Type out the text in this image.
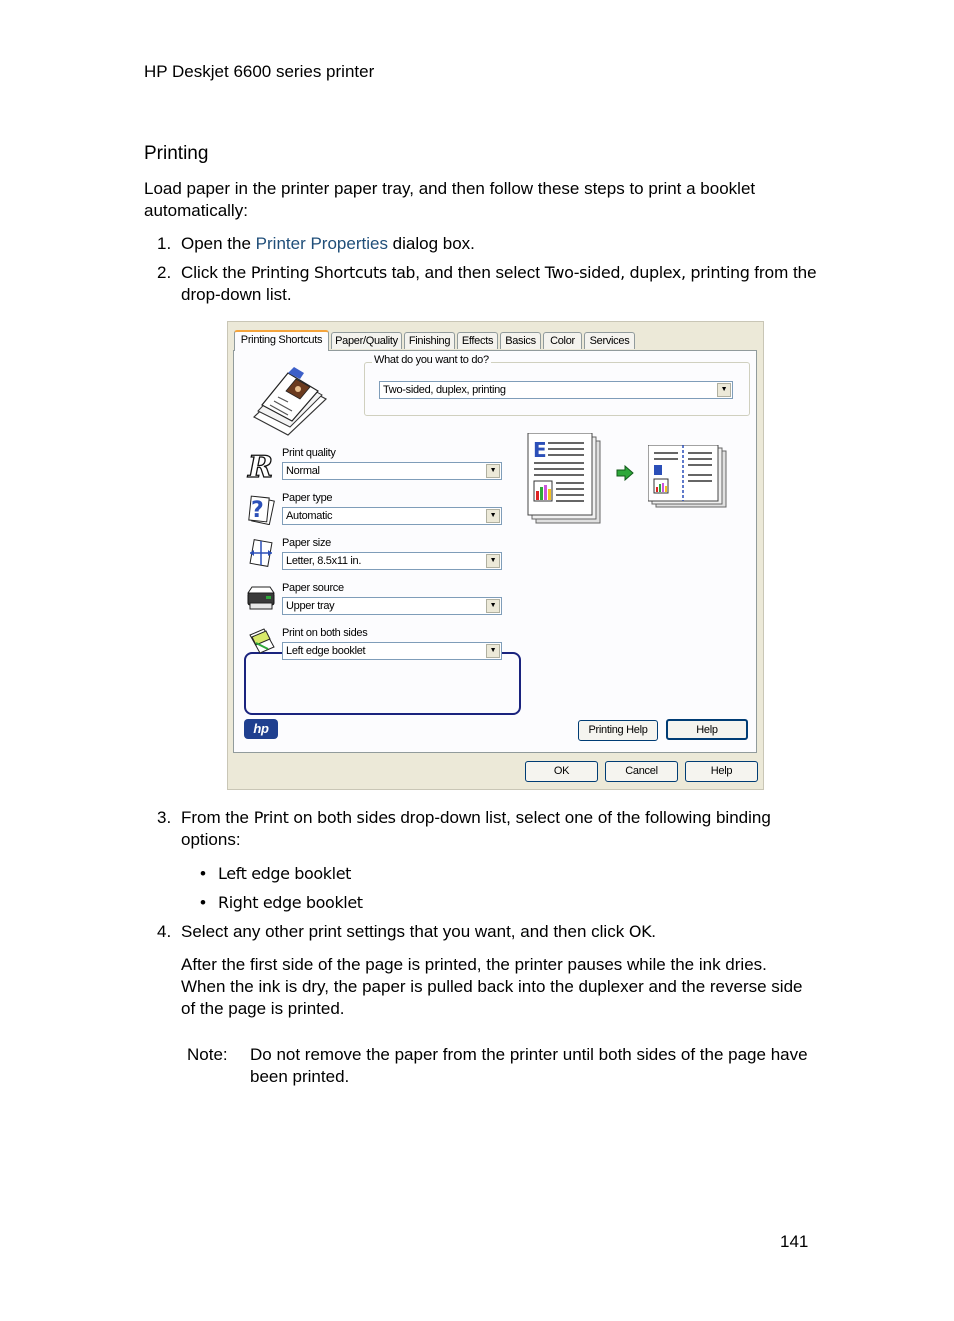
HP Deskjet 6600 series printer
Printing
Load paper in the printer paper tray, and then follow these steps to print a booklet automatically:
1. Open the Printer Properties dialog box.
2. Click the Printing Shortcuts tab, and then select Two-sided, duplex, printing from the drop-down list.
Printing Shortcuts	Paper/Quality Finishing	Effects	Basics	Color	Services
What do you want to do?
Two-sided, duplex, printing	▼
R Print quality
Normal	▼
? Paper type
Automatic	▼
Paper size
Letter, 8.5x11 in.	▼
Paper source
Upper tray	▼
Print on both sides
Left edge booklet	▼
E
hp	Printing Help	Help
OK	Cancel	Help
3. From the Print on both sides drop-down list, select one of the following binding options:
• Left edge booklet
• Right edge booklet
4. Select any other print settings that you want, and then click OK.
After the first side of the page is printed, the printer pauses while the ink dries. When the ink is dry, the paper is pulled back into the duplexer and the reverse side of the page is printed.
Note: Do not remove the paper from the printer until both sides of the page have been printed.
141
